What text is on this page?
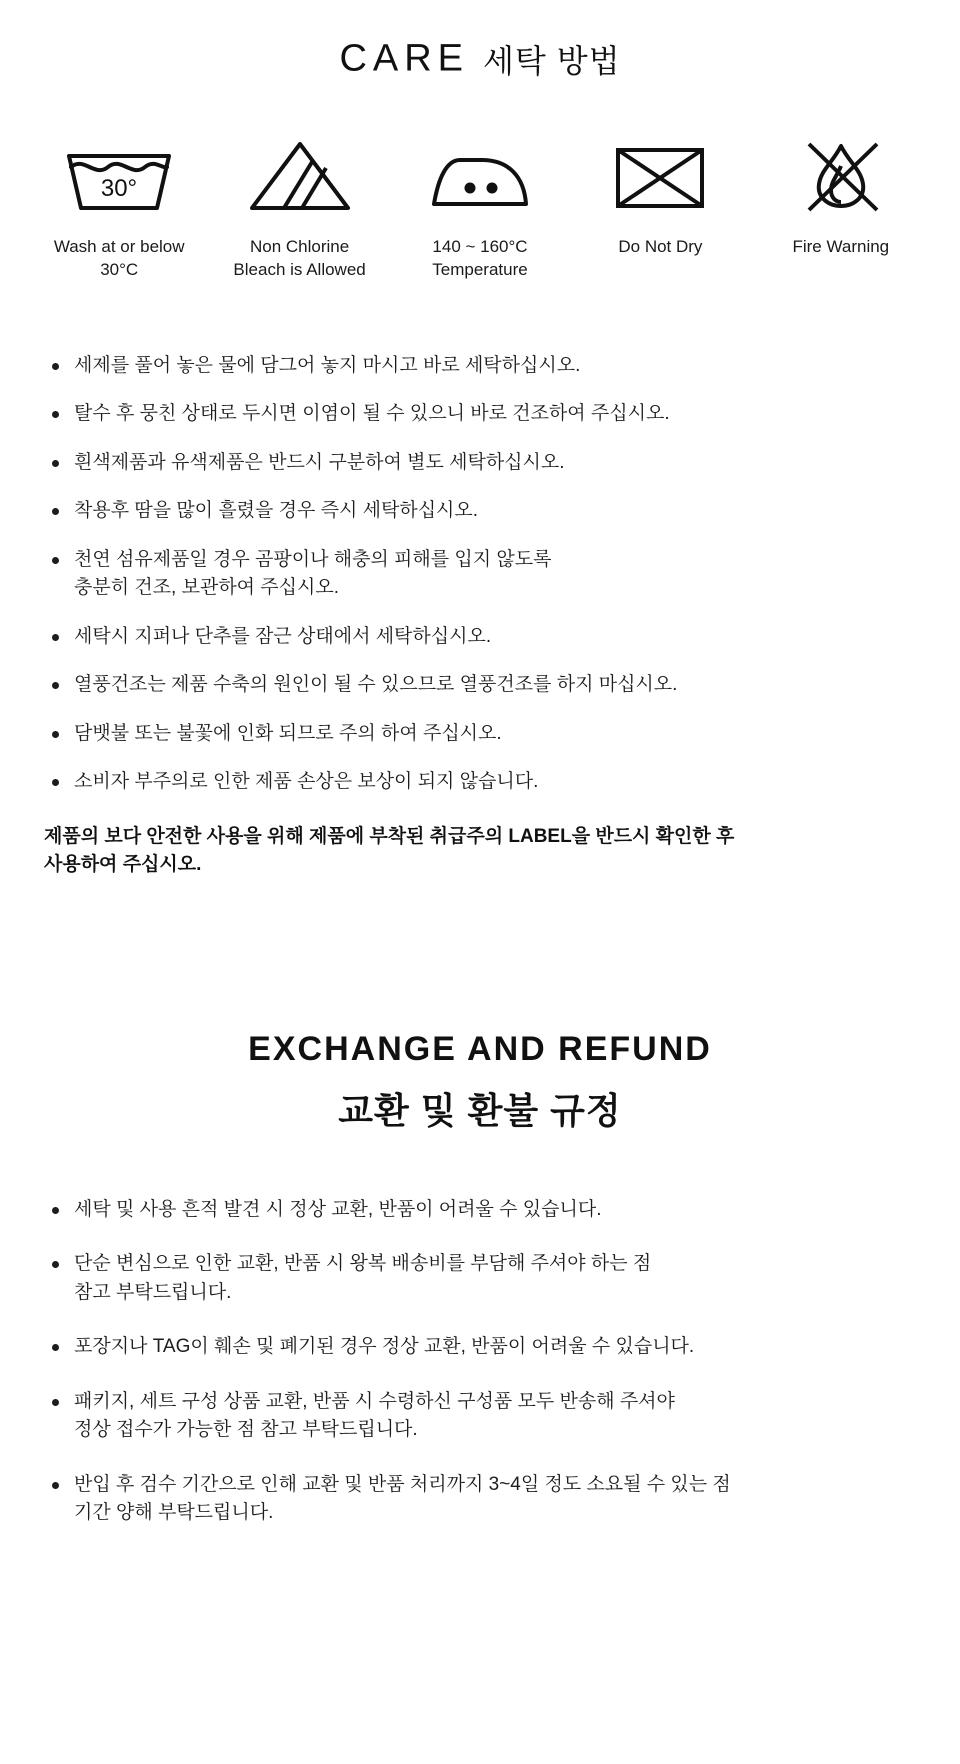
CARE 세탁 방법
30°
Wash at or below 30°C
Non Chlorine Bleach is Allowed
140 ~ 160°C Temperature
Do Not Dry	Fire Warning
세제를 풀어 놓은 물에 담그어 놓지 마시고 바로 세탁하십시오.
탈수 후 뭉친 상태로 두시면 이염이 될 수 있으니 바로 건조하여 주십시오.
흰색제품과 유색제품은 반드시 구분하여 별도 세탁하십시오.
착용후 땀을 많이 흘렸을 경우 즉시 세탁하십시오.
천연 섬유제품일 경우 곰팡이나 해충의 피해를 입지 않도록
충분히 건조, 보관하여 주십시오.
세탁시 지퍼나 단추를 잠근 상태에서 세탁하십시오.
열풍건조는 제품 수축의 원인이 될 수 있으므로 열풍건조를 하지 마십시오.
담뱃불 또는 불꽃에 인화 되므로 주의 하여 주십시오.
소비자 부주의로 인한 제품 손상은 보상이 되지 않습니다.
제품의 보다 안전한 사용을 위해 제품에 부착된 취급주의 LABEL을 반드시 확인한 후
사용하여 주십시오.
EXCHANGE AND REFUND
교환 및 환불 규정
세탁 및 사용 흔적 발견 시 정상 교환, 반품이 어려울 수 있습니다.
단순 변심으로 인한 교환, 반품 시 왕복 배송비를 부담해 주셔야 하는 점
참고 부탁드립니다.
포장지나 TAG이 훼손 및 폐기된 경우 정상 교환, 반품이 어려울 수 있습니다.
패키지, 세트 구성 상품 교환, 반품 시 수령하신 구성품 모두 반송해 주셔야
정상 접수가 가능한 점 참고 부탁드립니다.
반입 후 검수 기간으로 인해 교환 및 반품 처리까지 3~4일 정도 소요될 수 있는 점
기간 양해 부탁드립니다.
